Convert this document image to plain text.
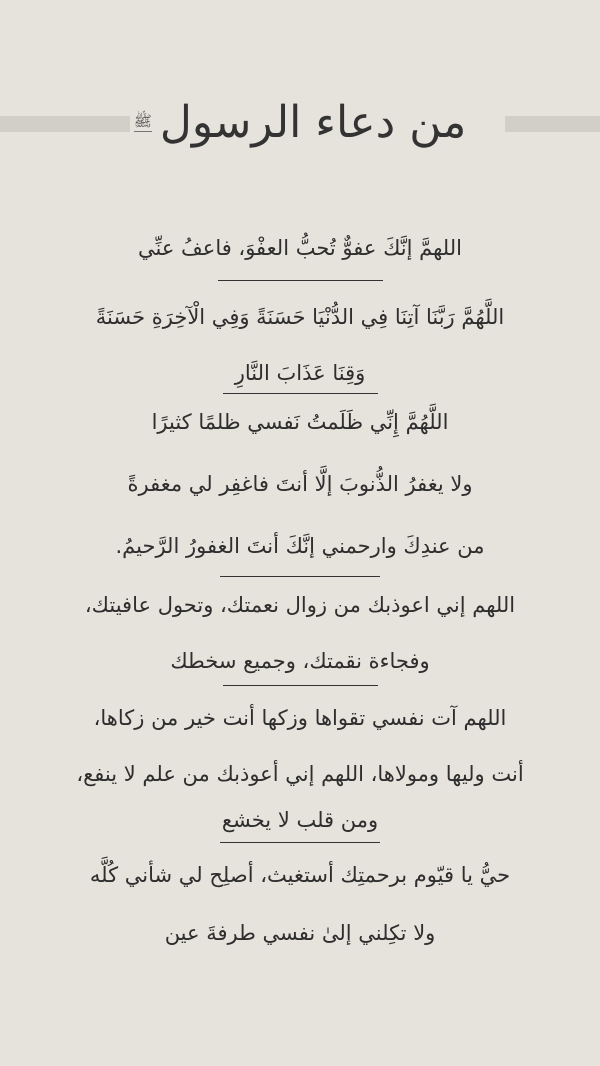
من دعاء الرسول
ﷺ

اللهمَّ إنَّكَ عفوٌّ تُحبُّ العفْوَ، فاعفُ عنِّي

اللَّهُمَّ رَبَّنَا آتِنَا فِي الدُّنْيَا حَسَنَةً وَفِي الْآخِرَةِ حَسَنَةً

وَقِنَا عَذَابَ النَّارِ

اللَّهُمَّ إِنِّي ظَلَمتُ نَفسي ظلمًا كثيرًا

ولا يغفرُ الذُّنوبَ إلَّا أنتَ فاغفِر لي مغفرةً

من عندِكَ وارحمني إنَّكَ أنتَ الغفورُ الرَّحيمُ.

اللهم إني اعوذبك من زوال نعمتك، وتحول عافيتك،

وفجاءة نقمتك، وجميع سخطك

اللهم آت نفسي تقواها وزكها أنت خير من زكاها،

أنت وليها ومولاها، اللهم إني أعوذبك من علم لا ينفع،

ومن قلب لا يخشع

حيُّ يا قيّوم برحمتِك أستغيث، أصلِح لي شأني كُلَّه

ولا تكِلني إلىٰ نفسي طرفةَ عين
